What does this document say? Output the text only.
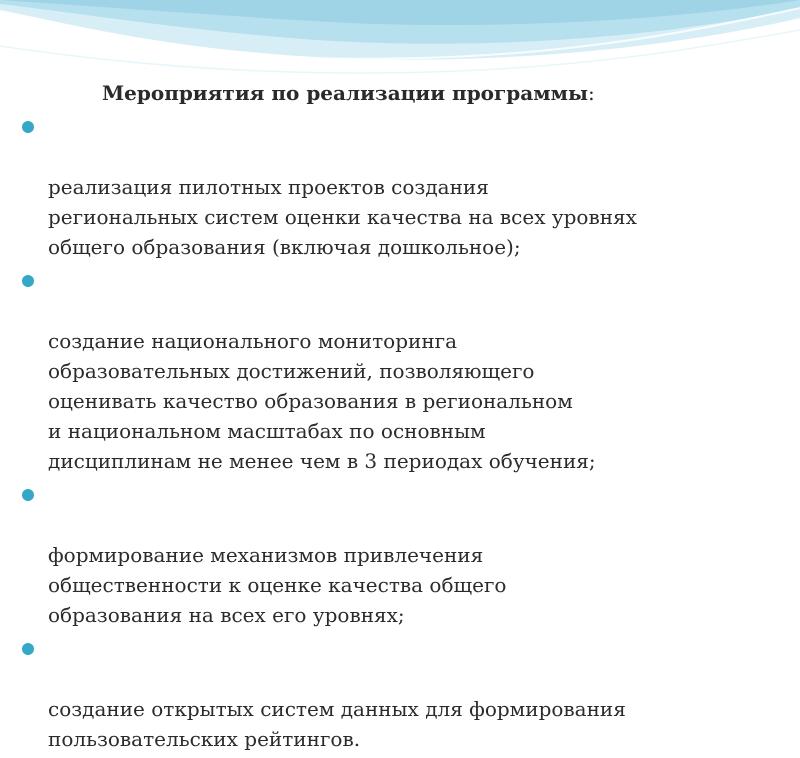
Мероприятия по реализации программы:

реализация пилотных проектов создания
региональных систем оценки качества на всех уровнях
общего образования (включая дошкольное);

создание национального мониторинга
образовательных достижений, позволяющего
оценивать качество образования в региональном
и национальном масштабах по основным
дисциплинам не менее чем в 3 периодах обучения;

формирование механизмов привлечения
общественности к оценке качества общего
образования на всех его уровнях;

создание открытых систем данных для формирования
пользовательских рейтингов.
